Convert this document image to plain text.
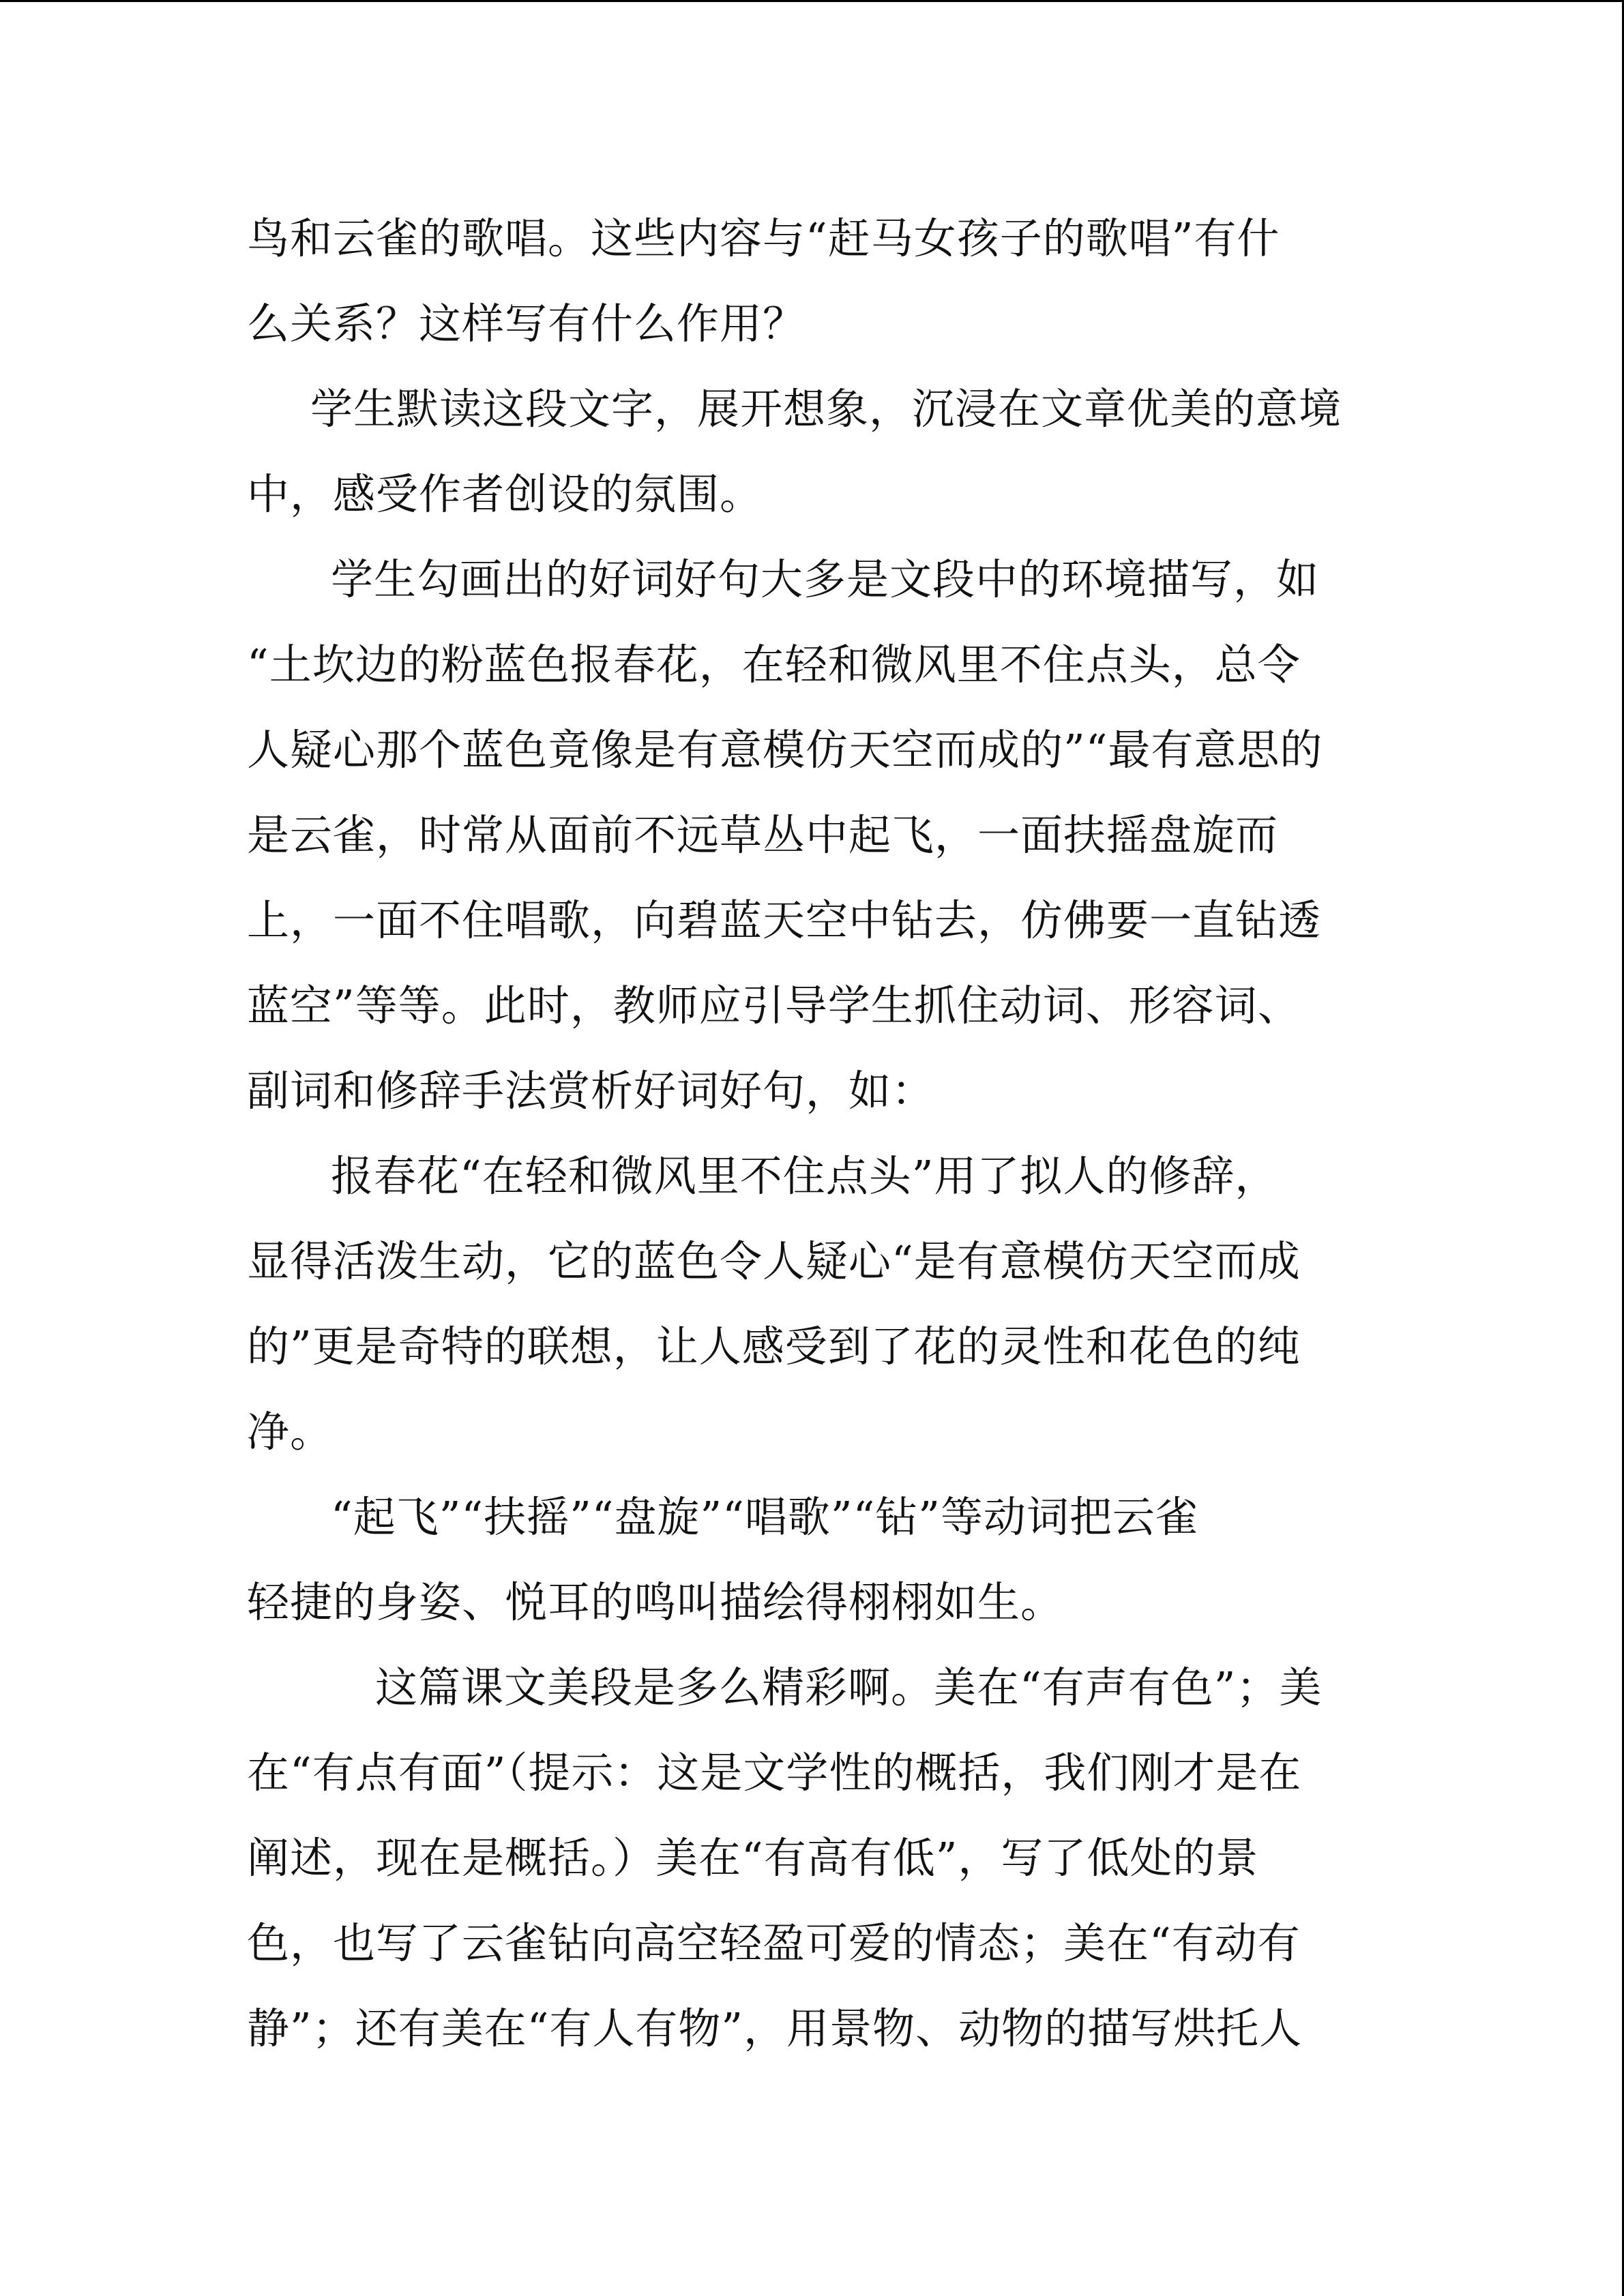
鸟和云雀的歌唱。这些内容与“赶马女孩子的歌唱”有什
么关系？这样写有什么作用？
学生默读这段文字，展开想象，沉浸在文章优美的意境
中，感受作者创设的氛围。
学生勾画出的好词好句大多是文段中的环境描写，如
“土坎边的粉蓝色报春花，在轻和微风里不住点头，总令
人疑心那个蓝色竟像是有意模仿天空而成的”“最有意思的
是云雀，时常从面前不远草丛中起飞，一面扶摇盘旋而
上，一面不住唱歌，向碧蓝天空中钻去，仿佛要一直钻透
蓝空”等等。此时，教师应引导学生抓住动词、形容词、
副词和修辞手法赏析好词好句，如：
报春花“在轻和微风里不住点头”用了拟人的修辞，
显得活泼生动，它的蓝色令人疑心“是有意模仿天空而成
的”更是奇特的联想，让人感受到了花的灵性和花色的纯
净。
“起飞”“扶摇”“盘旋”“唱歌”“钻”等动词把云雀
轻捷的身姿、悦耳的鸣叫描绘得栩栩如生。
这篇课文美段是多么精彩啊。美在“有声有色”；美
在“有点有面”（提示：这是文学性的概括，我们刚才是在
阐述，现在是概括。）美在“有高有低”，写了低处的景
色，也写了云雀钻向高空轻盈可爱的情态；美在“有动有
静”；还有美在“有人有物”，用景物、动物的描写烘托人
